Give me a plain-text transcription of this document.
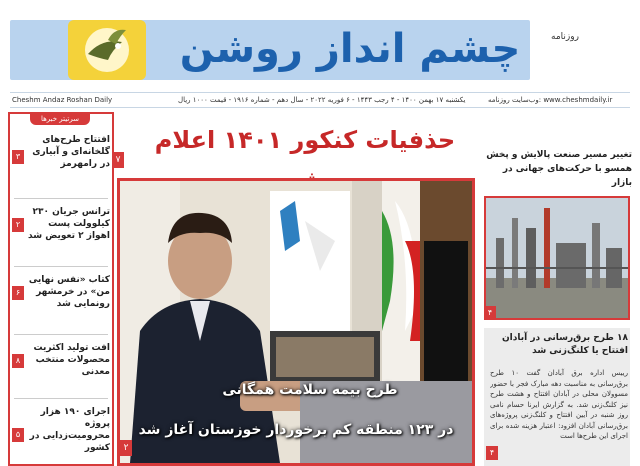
چشم انداز روشن	روزنامه
Cheshm Andaz Roshan Daily	یکشنبه ۱۷ بهمن ۱۴۰۰ - ۴ رجب ۱۴۴۳ - ۶ فوریه ۲۰۲۲ - سال دهم - شماره ۱۹۱۶ - قیمت ۱۰۰۰ ریال	وب‌سایت روزنامه: www.cheshmdaily.ir
سرتیتر خبرها
افتتاح طرح‌های گلخانه‌ای و آبیاری در رامهرمز
۳
ترانس جریان ۲۳۰ کیلوولت پست اهواز ۲ تعویض شد
۲
کتاب «نفس نهایی من» در خرمشهر رونمایی شد
۶
افت تولید اکثریت محصولات منتخب معدنی
۸
اجرای ۱۹۰ هزار پروژه محرومیت‌زدایی در کشور
۵
حذفیات کنکور ۱۴۰۱ اعلام
۷
طرح بیمه سلامت همگانی
در ۱۲۳ منطقه کم برخوردار خوزستان آغاز شد
۲
تغییر مسیر صنعت پالایش و پخش همسو با حرکت‌های جهانی در بازار
۴
۱۸ طرح برق‌رسانی در آبادان افتتاح یا کلنگ‌زنی شد
رییس اداره برق آبادان گفت ۱۰ طرح برق‌رسانی به مناسبت دهه مبارک فجر با حضور مسوولان محلی در آبادان افتتاح و هشت طرح نیز کلنگ‌زنی شد. به گزارش ایرنا حسام نامی روز شنبه در آیین افتتاح و کلنگ‌زنی پروژه‌های برق‌رسانی آبادان افزود: اعتبار هزینه شده برای اجرای این طرح‌ها است
۴
